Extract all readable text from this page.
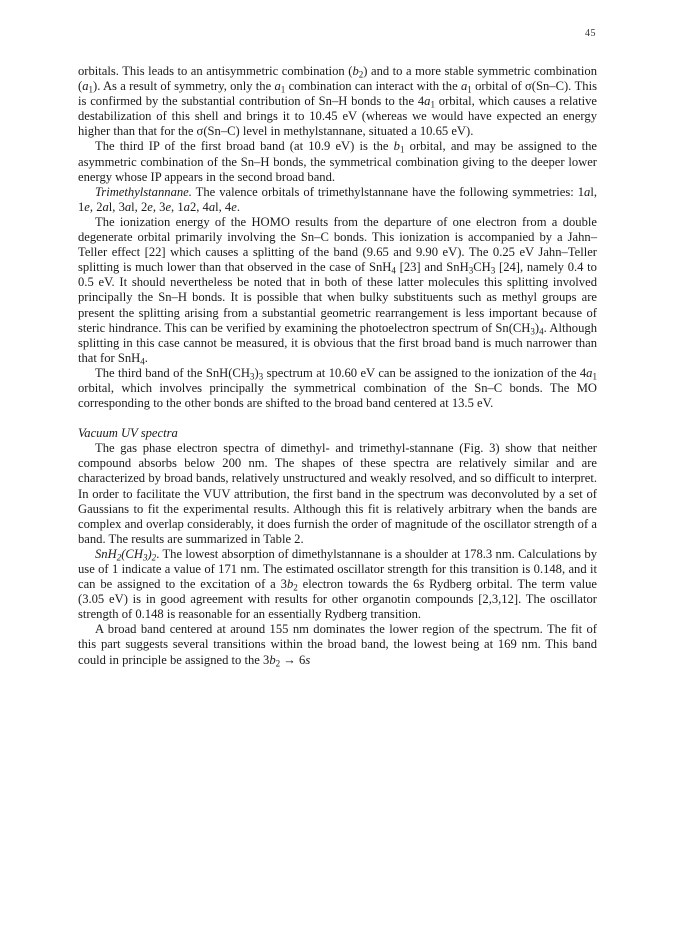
45

orbitals. This leads to an antisymmetric combination $(b_2)$ and to a more stable symmetric combination $(a_1)$. As a result of symmetry, only the $a_1$ combination can interact with the $a_1$ orbital of σ(Sn–C). This is confirmed by the substantial contribution of Sn–H bonds to the $4a_1$ orbital, which causes a relative destabilization of this shell and brings it to 10.45 eV (whereas we would have expected an energy higher than that for the σ(Sn–C) level in methylstannane, situated a 10.65 eV).

The third IP of the first broad band (at 10.9 eV) is the $b_1$ orbital, and may be assigned to the asymmetric combination of the Sn–H bonds, the symmetrical combination giving to the deeper lower energy whose IP appears in the second broad band.

Trimethylstannane. The valence orbitals of trimethylstannane have the following symmetries: 1al, 1e, 2al, 3al, 2e, 3e, 1a2, 4al, 4e.

The ionization energy of the HOMO results from the departure of one electron from a double degenerate orbital primarily involving the Sn–C bonds. This ionization is accompanied by a Jahn–Teller effect [22] which causes a splitting of the band (9.65 and 9.90 eV). The 0.25 eV Jahn–Teller splitting is much lower than that observed in the case of SnH$_4$ [23] and $SnH_3CH_3$ [24], namely 0.4 to 0.5 eV. It should nevertheless be noted that in both of these latter molecules this splitting involved principally the Sn–H bonds. It is possible that when bulky substituents such as methyl groups are present the splitting arising from a substantial geometric rearrangement is less important because of steric hindrance. This can be verified by examining the photoelectron spectrum of $Sn(CH_3)_4$. Although splitting in this case cannot be measured, it is obvious that the first broad band is much narrower than that for SnH$_4$.

The third band of the $SnH(CH_3)_3$ spectrum at 10.60 eV can be assigned to the ionization of the $4a_1$ orbital, which involves principally the symmetrical combination of the Sn–C bonds. The MO corresponding to the other bonds are shifted to the broad band centered at 13.5 eV.

Vacuum UV spectra

The gas phase electron spectra of dimethyl- and trimethyl-stannane (Fig. 3) show that neither compound absorbs below 200 nm. The shapes of these spectra are relatively similar and are characterized by broad bands, relatively unstructured and weakly resolved, and so difficult to interpret. In order to facilitate the VUV attribution, the first band in the spectrum was deconvoluted by a set of Gaussians to fit the experimental results. Although this fit is relatively arbitrary when the bands are complex and overlap considerably, it does furnish the order of magnitude of the oscillator strength of a band. The results are summarized in Table 2.

$SnH_2(CH_3)_2$. The lowest absorption of dimethylstannane is a shoulder at 178.3 nm. Calculations by use of 1 indicate a value of 171 nm. The estimated oscillator strength for this transition is 0.148, and it can be assigned to the excitation of a $3b_2$ electron towards the 6s Rydberg orbital. The term value (3.05 eV) is in good agreement with results for other organotin compounds [2,3,12]. The oscillator strength of 0.148 is reasonable for an essentially Rydberg transition.

A broad band centered at around 155 nm dominates the lower region of the spectrum. The fit of this part suggests several transitions within the broad band, the lowest being at 169 nm. This band could in principle be assigned to the $3b_2 \to 6s$
